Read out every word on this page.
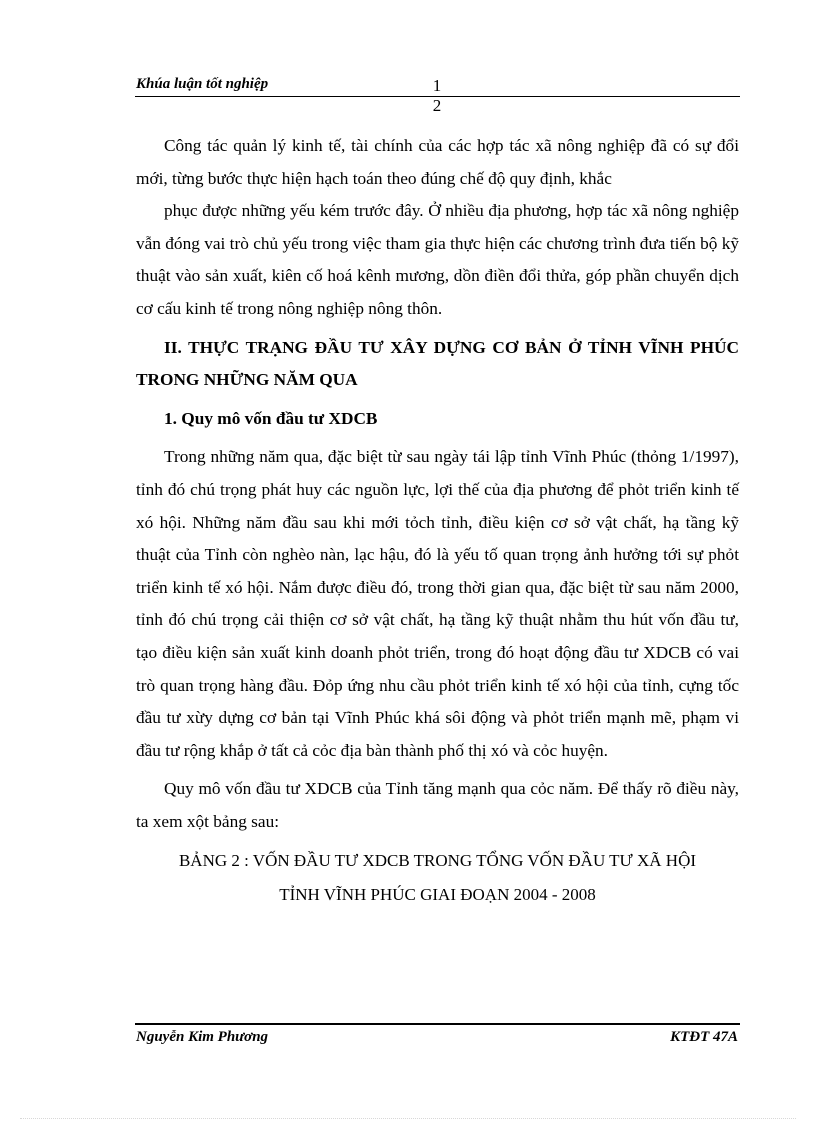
Khúa luận tốt nghiệp	1
2

Công tác quản lý kinh tế, tài chính của các hợp tác xã nông nghiệp đã có sự đổi mới, từng bước thực hiện hạch toán theo đúng chế độ quy định, khắc

phục được những yếu kém trước đây. Ở nhiều địa phương, hợp tác xã nông nghiệp vẫn đóng vai trò chủ yếu trong việc tham gia thực hiện các chương trình đưa tiến bộ kỹ thuật vào sản xuất, kiên cố hoá kênh mương, dồn điền đổi thửa, góp phần chuyển dịch cơ cấu kinh tế trong nông nghiệp nông thôn.

II. THỰC TRẠNG ĐẦU TƯ XÂY DỰNG CƠ BẢN Ở TỈNH VĨNH PHÚC TRONG NHỮNG NĂM QUA

1. Quy mô vốn đầu tư XDCB

Trong những năm qua, đặc biệt từ sau ngày tái lập tỉnh Vĩnh Phúc (thỏng 1/1997), tỉnh đó chú trọng phát huy các nguồn lực, lợi thế của địa phương để phỏt triển kinh tế xó hội. Những năm đầu sau khi mới tỏch tỉnh, điều kiện cơ sở vật chất, hạ tầng kỹ thuật của Tỉnh còn nghèo nàn, lạc hậu, đó là yếu tố quan trọng ảnh hưởng tới sự phỏt triển kinh tế xó hội. Nắm được điều đó, trong thời gian qua, đặc biệt từ sau năm 2000, tỉnh đó chú trọng cải thiện cơ sở vật chất, hạ tầng kỹ thuật nhằm thu hút vốn đầu tư, tạo điều kiện sản xuất kinh doanh phỏt triển, trong đó hoạt động đầu tư XDCB có vai trò quan trọng hàng đầu. Đỏp ứng nhu cầu phỏt triển kinh tế xó hội của tỉnh, cựng tốc đầu tư xừy dựng cơ bản tại Vĩnh Phúc khá sôi động và phỏt triển mạnh mẽ, phạm vi đầu tư rộng khắp ở tất cả cỏc địa bàn thành phố thị xó và cỏc huyện.

Quy mô vốn đầu tư XDCB của Tỉnh tăng mạnh qua cỏc năm. Để thấy rõ điều này, ta xem xột bảng sau:

BẢNG 2 : VỐN ĐẦU TƯ XDCB TRONG TỔNG VỐN ĐẦU TƯ XÃ HỘI

TỈNH VĨNH PHÚC GIAI ĐOẠN 2004 - 2008

Nguyễn Kim Phương	KTĐT 47A
